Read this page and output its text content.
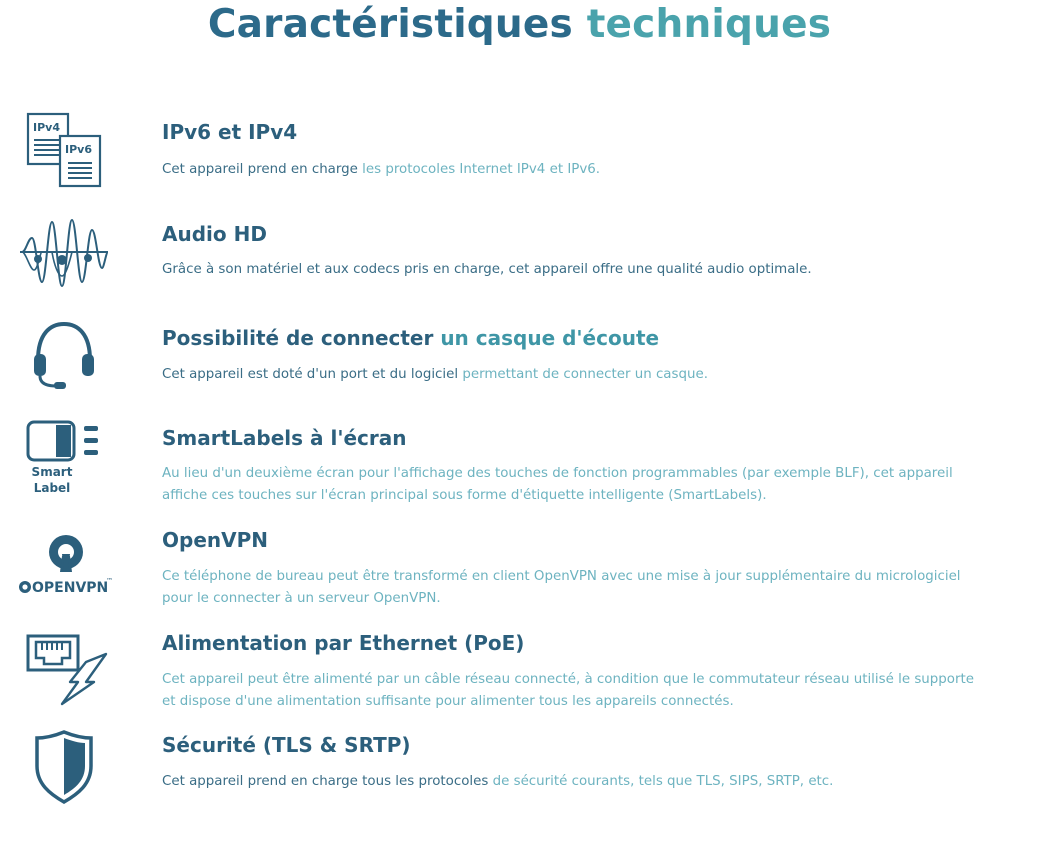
Caractéristiques techniques
IPv4
IPv6
IPv6 et IPv4
Cet appareil prend en charge les protocoles Internet IPv4 et IPv6.
Audio HD
Grâce à son matériel et aux codecs pris en charge, cet appareil offre une qualité audio optimale.
Possibilité de connecter un casque d'écoute
Cet appareil est doté d'un port et du logiciel permettant de connecter un casque.
Smart
Label
SmartLabels à l'écran
Au lieu d'un deuxième écran pour l'affichage des touches de fonction programmables (par exemple BLF), cet appareil
affiche ces touches sur l'écran principal sous forme d'étiquette intelligente (SmartLabels).
OPENVPN
™
OpenVPN
Ce téléphone de bureau peut être transformé en client OpenVPN avec une mise à jour supplémentaire du micrologiciel
pour le connecter à un serveur OpenVPN.
Alimentation par Ethernet (PoE)
Cet appareil peut être alimenté par un câble réseau connecté, à condition que le commutateur réseau utilisé le supporte
et dispose d'une alimentation suffisante pour alimenter tous les appareils connectés.
Sécurité (TLS & SRTP)
Cet appareil prend en charge tous les protocoles de sécurité courants, tels que TLS, SIPS, SRTP, etc.
